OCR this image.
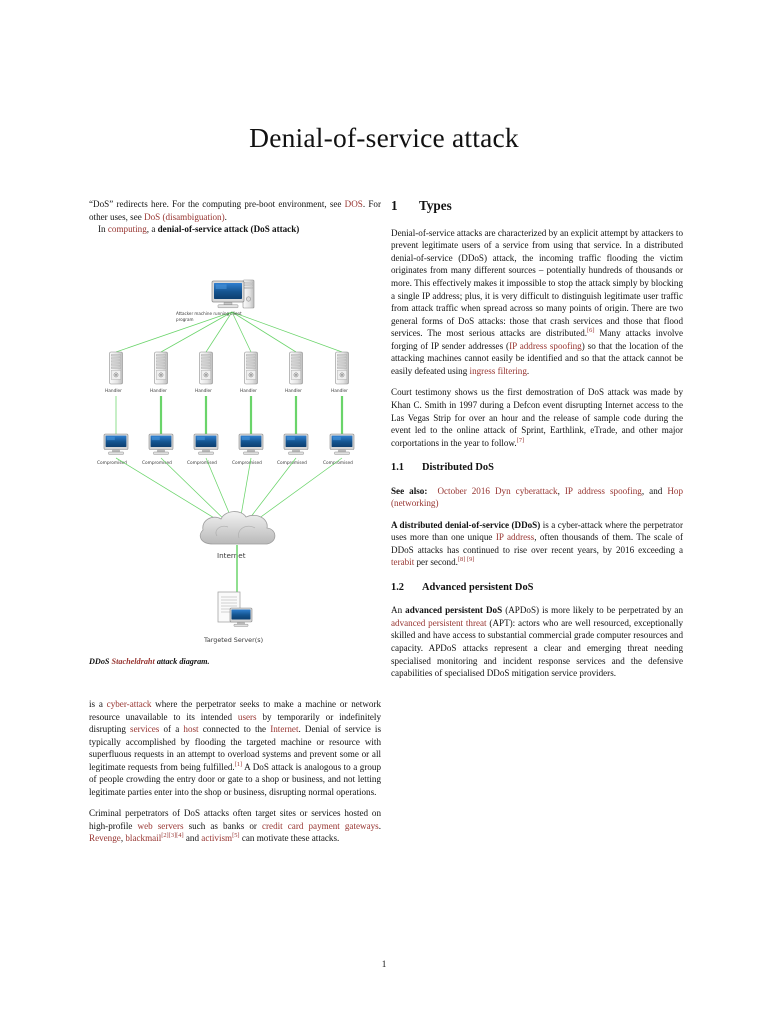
Denial-of-service attack

“DoS” redirects here. For the computing pre-boot environment, see DOS. For other uses, see DoS (disambiguation).

In computing, a denial-of-service attack (DoS attack)

Attacker machine running client
program
Handler	Handler	Handler	Handler	Handler	Handler
Compromised	Compromised	Compromised	Compromised	Compromised	Compromised
Internet
Targeted Server(s)
DDoS Stacheldraht attack diagram.

is a cyber-attack where the perpetrator seeks to make a machine or network resource unavailable to its intended users by temporarily or indefinitely disrupting services of a host connected to the Internet. Denial of service is typically accomplished by flooding the targeted machine or resource with superfluous requests in an attempt to overload systems and prevent some or all legitimate requests from being fulfilled.[1] A DoS attack is analogous to a group of people crowding the entry door or gate to a shop or business, and not letting legitimate parties enter into the shop or business, disrupting normal operations.

Criminal perpetrators of DoS attacks often target sites or services hosted on high-profile web servers such as banks or credit card payment gateways. Revenge, blackmail[2][3][4] and activism[5] can motivate these attacks.

1 Types

Denial-of-service attacks are characterized by an explicit attempt by attackers to prevent legitimate users of a service from using that service. In a distributed denial-of-service (DDoS) attack, the incoming traffic flooding the victim originates from many different sources – potentially hundreds of thousands or more. This effectively makes it impossible to stop the attack simply by blocking a single IP address; plus, it is very difficult to distinguish legitimate user traffic from attack traffic when spread across so many points of origin. There are two general forms of DoS attacks: those that crash services and those that flood services. The most serious attacks are distributed.[6] Many attacks involve forging of IP sender addresses (IP address spoofing) so that the location of the attacking machines cannot easily be identified and so that the attack cannot be easily defeated using ingress filtering.

Court testimony shows us the first demostration of DoS attack was made by Khan C. Smith in 1997 during a Defcon event disrupting Internet access to the Las Vegas Strip for over an hour and the release of sample code during the event led to the online attack of Sprint, Earthlink, eTrade, and other major corportations in the year to follow.[7]

1.1 Distributed DoS

See also: October 2016 Dyn cyberattack, IP address spoofing, and Hop (networking)

A distributed denial-of-service (DDoS) is a cyber-attack where the perpetrator uses more than one unique IP address, often thousands of them. The scale of DDoS attacks has continued to rise over recent years, by 2016 exceeding a terabit per second.[8] [9]

1.2 Advanced persistent DoS

An advanced persistent DoS (APDoS) is more likely to be perpetrated by an advanced persistent threat (APT): actors who are well resourced, exceptionally skilled and have access to substantial commercial grade computer resources and capacity. APDoS attacks represent a clear and emerging threat needing specialised monitoring and incident response services and the defensive capabilities of specialised DDoS mitigation service providers.

1
